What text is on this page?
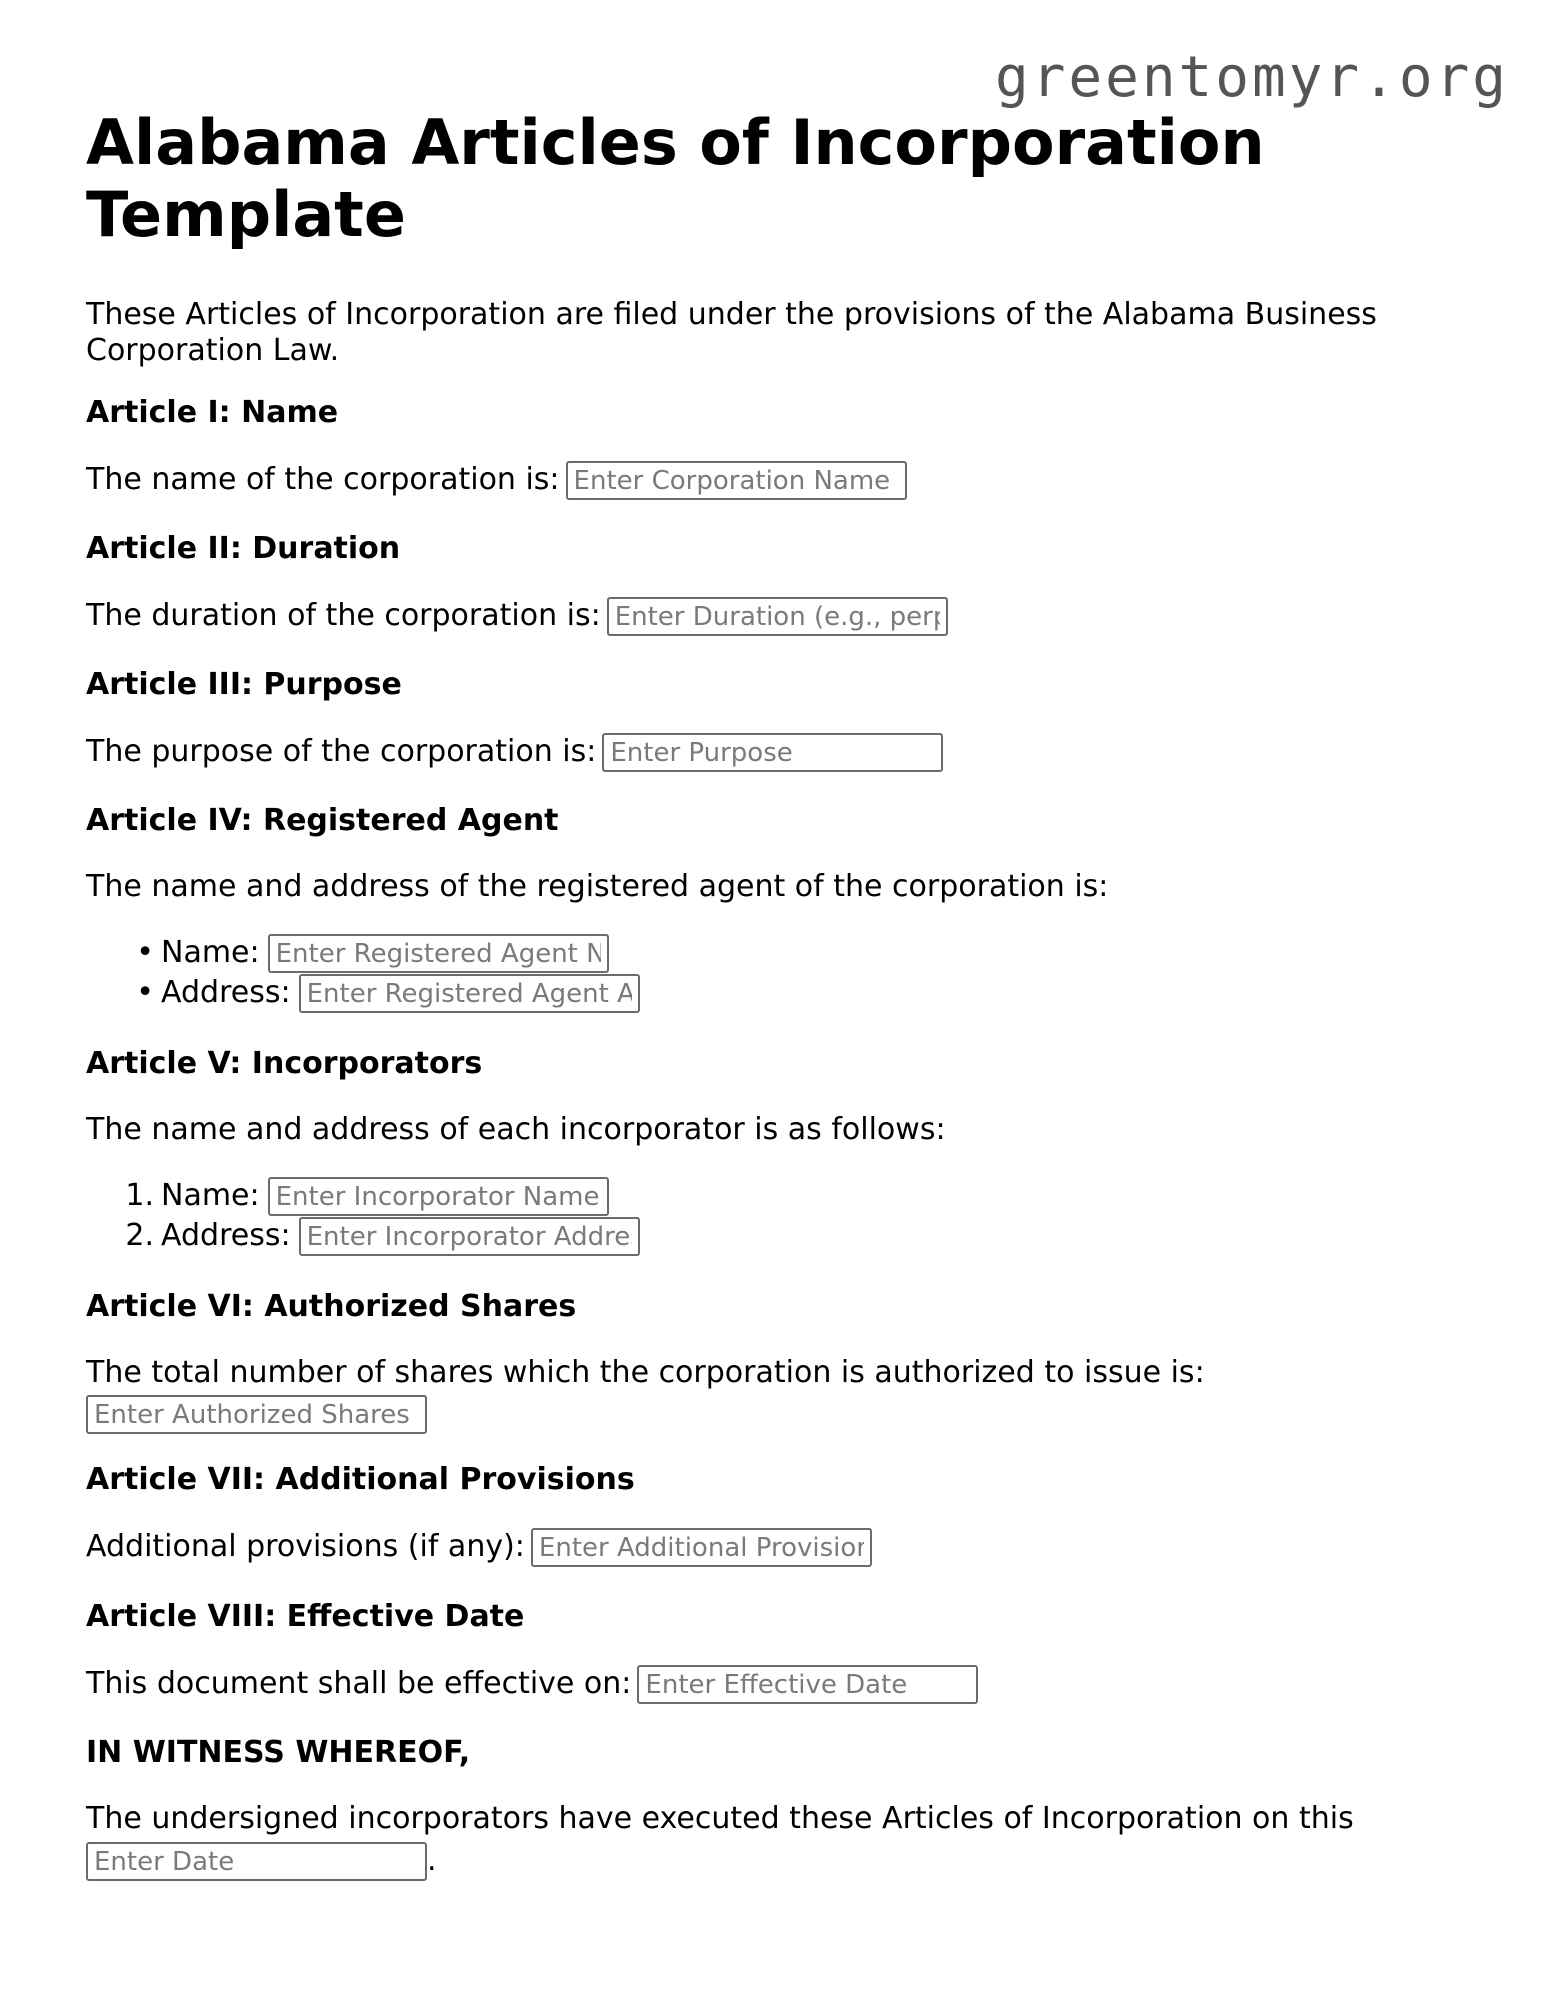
greentomyr.org
Alabama Articles of Incorporation Template

These Articles of Incorporation are filed under the provisions of the Alabama Business Corporation Law.

Article I: Name

The name of the corporation is:Enter Corporation Name

Article II: Duration

The duration of the corporation is:Enter Duration (e.g., perpetual)

Article III: Purpose

The purpose of the corporation is:Enter Purpose

Article IV: Registered Agent

The name and address of the registered agent of the corporation is:

• Name:Enter Registered Agent Name
• Address:Enter Registered Agent Address

Article V: Incorporators

The name and address of each incorporator is as follows:

1. Name:Enter Incorporator Name
2. Address:Enter Incorporator Address

Article VI: Authorized Shares

The total number of shares which the corporation is authorized to issue is:

Enter Authorized Shares

Article VII: Additional Provisions

Additional provisions (if any):Enter Additional Provisions

Article VIII: Effective Date

This document shall be effective on:Enter Effective Date

IN WITNESS WHEREOF,

The undersigned incorporators have executed these Articles of Incorporation on this

Enter Date.
